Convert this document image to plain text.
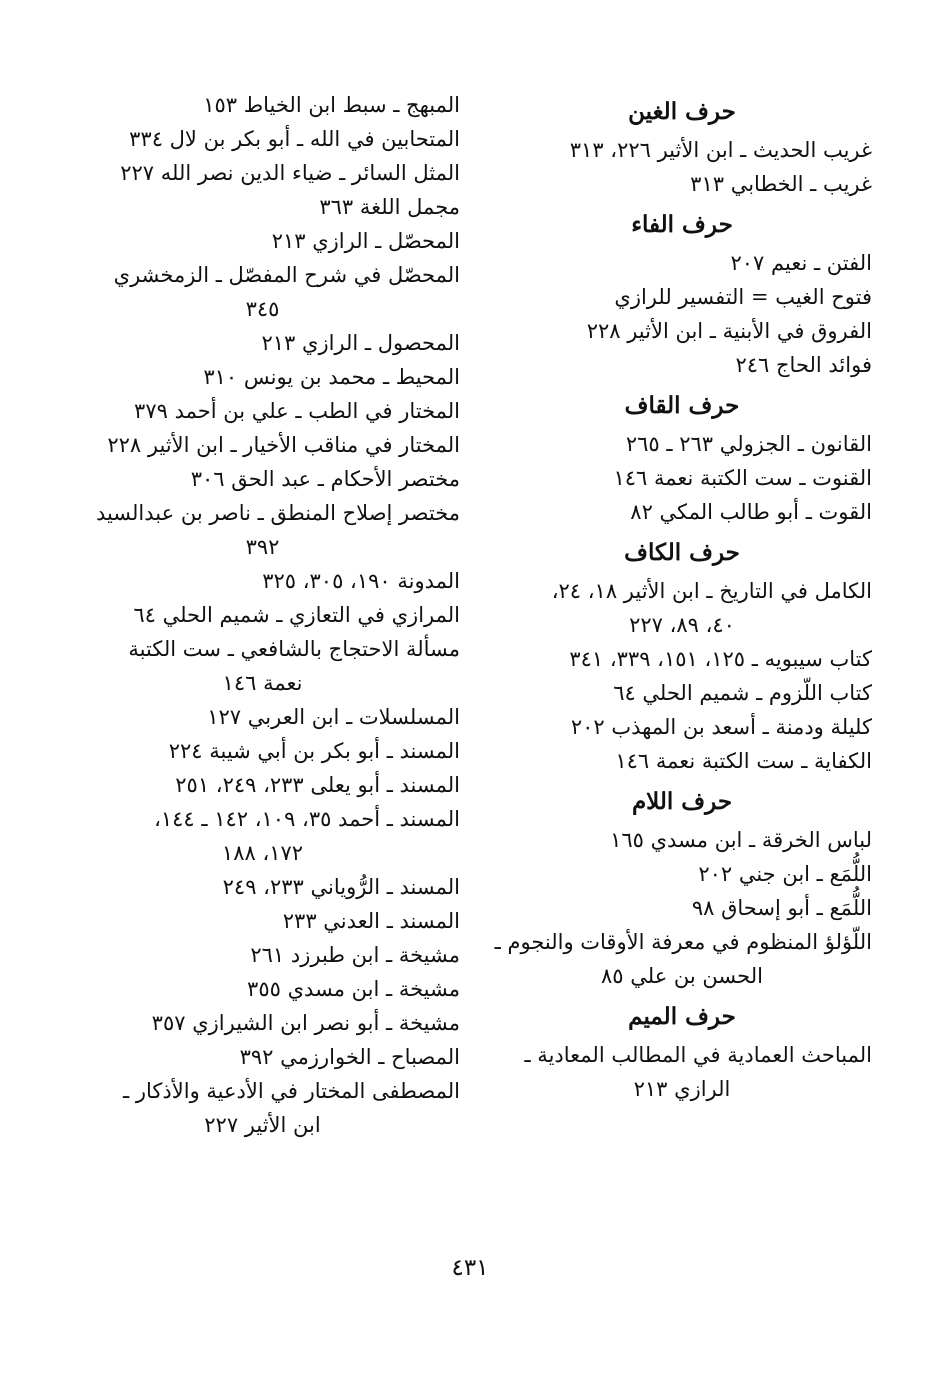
حرف الغين

غريب الحديث ـ ابن الأثير ٢٢٦، ٣١٣

غريب ـ الخطابي ٣١٣

حرف الفاء

الفتن ـ نعيم ٢٠٧

فتوح الغيب = التفسير للرازي

الفروق في الأبنية ـ ابن الأثير ٢٢٨

فوائد الحاج ٢٤٦

حرف القاف

القانون ـ الجزولي ٢٦٣ ـ ٢٦٥

القنوت ـ ست الكتبة نعمة ١٤٦

القوت ـ أبو طالب المكي ٨٢

حرف الكاف

الكامل في التاريخ ـ ابن الأثير ١٨، ٢٤،
٤٠، ٨٩، ٢٢٧

كتاب سيبويه ـ ١٢٥، ١٥١، ٣٣٩، ٣٤١

كتاب اللّزوم ـ شميم الحلي ٦٤

كليلة ودمنة ـ أسعد بن المهذب ٢٠٢

الكفاية ـ ست الكتبة نعمة ١٤٦

حرف اللام

لباس الخرقة ـ ابن مسدي ١٦٥

اللُّمَع ـ ابن جني ٢٠٢

اللُّمَع ـ أبو إسحاق ٩٨

اللّؤلؤ المنظوم في معرفة الأوقات والنجوم ـ
الحسن بن علي ٨٥

حرف الميم

المباحث العمادية في المطالب المعادية ـ
الرازي ٢١٣

المبهج ـ سبط ابن الخياط ١٥٣

المتحابين في الله ـ أبو بكر بن لال ٣٣٤

المثل السائر ـ ضياء الدين نصر الله ٢٢٧

مجمل اللغة ٣٦٣

المحصّل ـ الرازي ٢١٣

المحصّل في شرح المفصّل ـ الزمخشري
٣٤٥

المحصول ـ الرازي ٢١٣

المحيط ـ محمد بن يونس ٣١٠

المختار في الطب ـ علي بن أحمد ٣٧٩

المختار في مناقب الأخيار ـ ابن الأثير ٢٢٨

مختصر الأحكام ـ عبد الحق ٣٠٦

مختصر إصلاح المنطق ـ ناصر بن عبدالسيد
٣٩٢

المدونة ١٩٠، ٣٠٥، ٣٢٥

المرازي في التعازي ـ شميم الحلي ٦٤

مسألة الاحتجاج بالشافعي ـ ست الكتبة
نعمة ١٤٦

المسلسلات ـ ابن العربي ١٢٧

المسند ـ أبو بكر بن أبي شيبة ٢٢٤

المسند ـ أبو يعلى ٢٣٣، ٢٤٩، ٢٥١

المسند ـ أحمد ٣٥، ١٠٩، ١٤٢ ـ ١٤٤،
١٧٢، ١٨٨

المسند ـ الرُّوياني ٢٣٣، ٢٤٩

المسند ـ العدني ٢٣٣

مشيخة ـ ابن طبرزد ٢٦١

مشيخة ـ ابن مسدي ٣٥٥

مشيخة ـ أبو نصر ابن الشيرازي ٣٥٧

المصباح ـ الخوارزمي ٣٩٢

المصطفى المختار في الأدعية والأذكار ـ
ابن الأثير ٢٢٧

٤٣١
